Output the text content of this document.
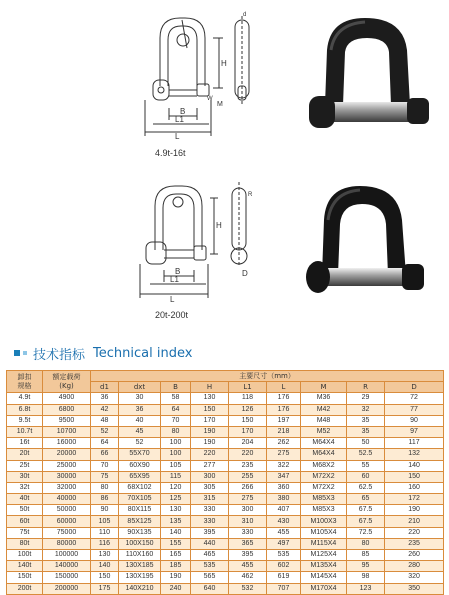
H
W
M
B
L1
L
d
4.9t-16t
H
D
B
L1
L
R
20t-200t
技术指标 Technical index
卸扣
规格	额定载荷
(Kg)	主要尺寸（mm）								
		d1	dxt	B	H	L1	L	M	R	D
4.9t	4900	36	30	58	130	118	176	M36	29	72
6.8t	6800	42	36	64	150	126	176	M42	32	77
9.5t	9500	48	40	70	170	150	197	M48	35	90
10.7t	10700	52	45	80	190	170	218	M52	35	97
16t	16000	64	52	100	190	204	262	M64X4	50	117
20t	20000	66	55X70	100	220	220	275	M64X4	52.5	132
25t	25000	70	60X90	105	277	235	322	M68X2	55	140
30t	30000	75	65X95	115	300	255	347	M72X2	60	150
32t	32000	80	68X102	120	305	266	360	M72X2	62.5	160
40t	40000	86	70X105	125	315	275	380	M85X3	65	172
50t	50000	90	80X115	130	330	300	407	M85X3	67.5	190
60t	60000	105	85X125	135	330	310	430	M100X3	67.5	210
75t	75000	110	90X135	140	395	330	455	M105X4	72.5	220
80t	80000	116	100X150	155	440	365	497	M115X4	80	235
100t	100000	130	110X160	165	465	395	535	M125X4	85	260
140t	140000	140	130X185	185	535	455	602	M135X4	95	280
150t	150000	150	130X195	190	565	462	619	M145X4	98	320
200t	200000	175	140X210	240	640	532	707	M170X4	123	350
